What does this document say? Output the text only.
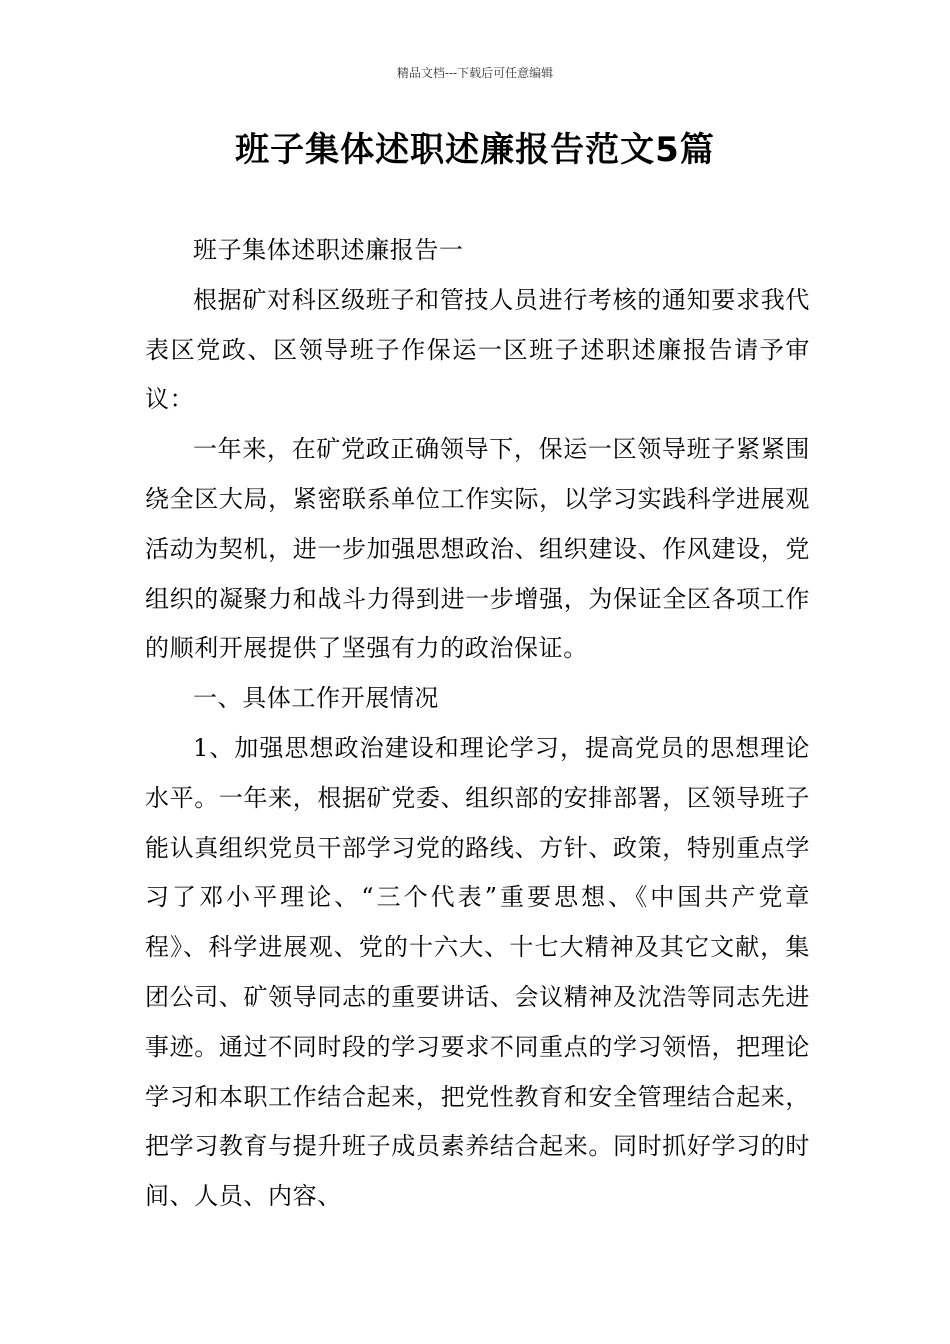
精品文档---下载后可任意编辑
班子集体述职述廉报告范文5篇

班子集体述职述廉报告一

根据矿对科区级班子和管技人员进行考核的通知要求我代表区党政、区领导班子作保运一区班子述职述廉报告请予审议：

一年来，在矿党政正确领导下，保运一区领导班子紧紧围绕全区大局，紧密联系单位工作实际，以学习实践科学进展观活动为契机，进一步加强思想政治、组织建设、作风建设，党组织的凝聚力和战斗力得到进一步增强，为保证全区各项工作的顺利开展提供了坚强有力的政治保证。

一、具体工作开展情况

1、加强思想政治建设和理论学习，提高党员的思想理论水平。一年来，根据矿党委、组织部的安排部署，区领导班子能认真组织党员干部学习党的路线、方针、政策，特别重点学习了邓小平理论、“三个代表”重要思想、《中国共产党章程》、科学进展观、党的十六大、十七大精神及其它文献，集团公司、矿领导同志的重要讲话、会议精神及沈浩等同志先进事迹。通过不同时段的学习要求不同重点的学习领悟，把理论学习和本职工作结合起来，把党性教育和安全管理结合起来，把学习教育与提升班子成员素养结合起来。同时抓好学习的时间、人员、内容、
